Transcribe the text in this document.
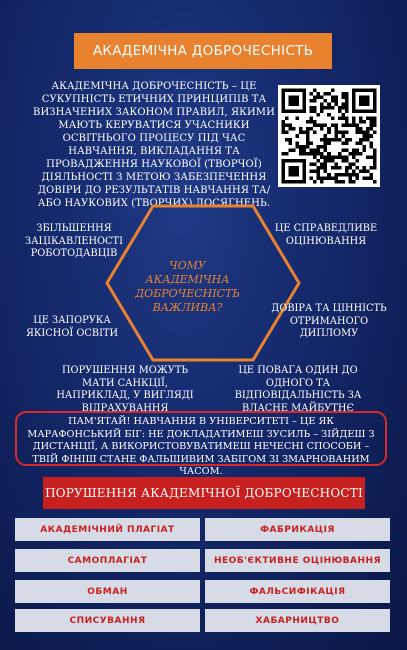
АКАДЕМІЧНА ДОБРОЧЕСНІСТЬ
АКАДЕМІЧНА ДОБРОЧЕСНІСТЬ – ЦЕ СУКУПНІСТЬ ЕТИЧНИХ ПРИНЦИПІВ ТА ВИЗНАЧЕНИХ ЗАКОНОМ ПРАВИЛ, ЯКИМИ МАЮТЬ КЕРУВАТИСЯ УЧАСНИКИ ОСВІТНЬОГО ПРОЦЕСУ ПІД ЧАС НАВЧАННЯ, ВИКЛАДАННЯ ТА ПРОВАДЖЕННЯ НАУКОВОЇ (ТВОРЧОЇ) ДІЯЛЬНОСТІ З МЕТОЮ ЗАБЕЗПЕЧЕННЯ ДОВІРИ ДО РЕЗУЛЬТАТІВ НАВЧАННЯ ТА/АБО НАУКОВИХ (ТВОРЧИХ) ДОСЯГНЕНЬ.
ЧОМУ АКАДЕМІЧНА ДОБРОЧЕСНІСТЬ ВАЖЛИВА?
ЗБІЛЬШЕННЯ ЗАЦІКАВЛЕНОСТІ РОБОТОДАВЦІВ
ЦЕ СПРАВЕДЛИВЕ ОЦІНЮВАННЯ
ЦЕ ЗАПОРУКА ЯКІСНОЇ ОСВІТИ
ДОВІРА ТА ЦІННІСТЬ ОТРИМАНОГО ДИПЛОМУ
ПОРУШЕННЯ МОЖУТЬ МАТИ САНКЦІЇ, НАПРИКЛАД, У ВИГЛЯДІ ВІДРАХУВАННЯ
ЦЕ ПОВАГА ОДИН ДО ОДНОГО ТА ВІДПОВІДАЛЬНІСТЬ ЗА ВЛАСНЕ МАЙБУТНЄ
ПАМ'ЯТАЙ! НАВЧАННЯ В УНІВЕРСИТЕТІ – ЦЕ ЯК МАРАФОНСЬКИЙ БІГ: НЕ ДОКЛАДАТИМЕШ ЗУСИЛЬ – ЗІЙДЕШ З ДИСТАНЦІЇ, А ВИКОРИСТОВУВАТИМЕШ НЕЧЕСНІ СПОСОБИ – ТВІЙ ФІНІШ СТАНЕ ФАЛЬШИВИМ ЗАБІГОМ ЗІ ЗМАРНОВАНИМ ЧАСОМ.
ПОРУШЕННЯ АКАДЕМІЧНОЇ ДОБРОЧЕСНОСТІ
АКАДЕМІЧНИЙ ПЛАГІАТ	ФАБРИКАЦІЯ
САМОПЛАГІАТ	НЕОБ'ЄКТИВНЕ ОЦІНЮВАННЯ
ОБМАН	ФАЛЬСИФІКАЦІЯ
СПИСУВАННЯ	ХАБАРНИЦТВО
